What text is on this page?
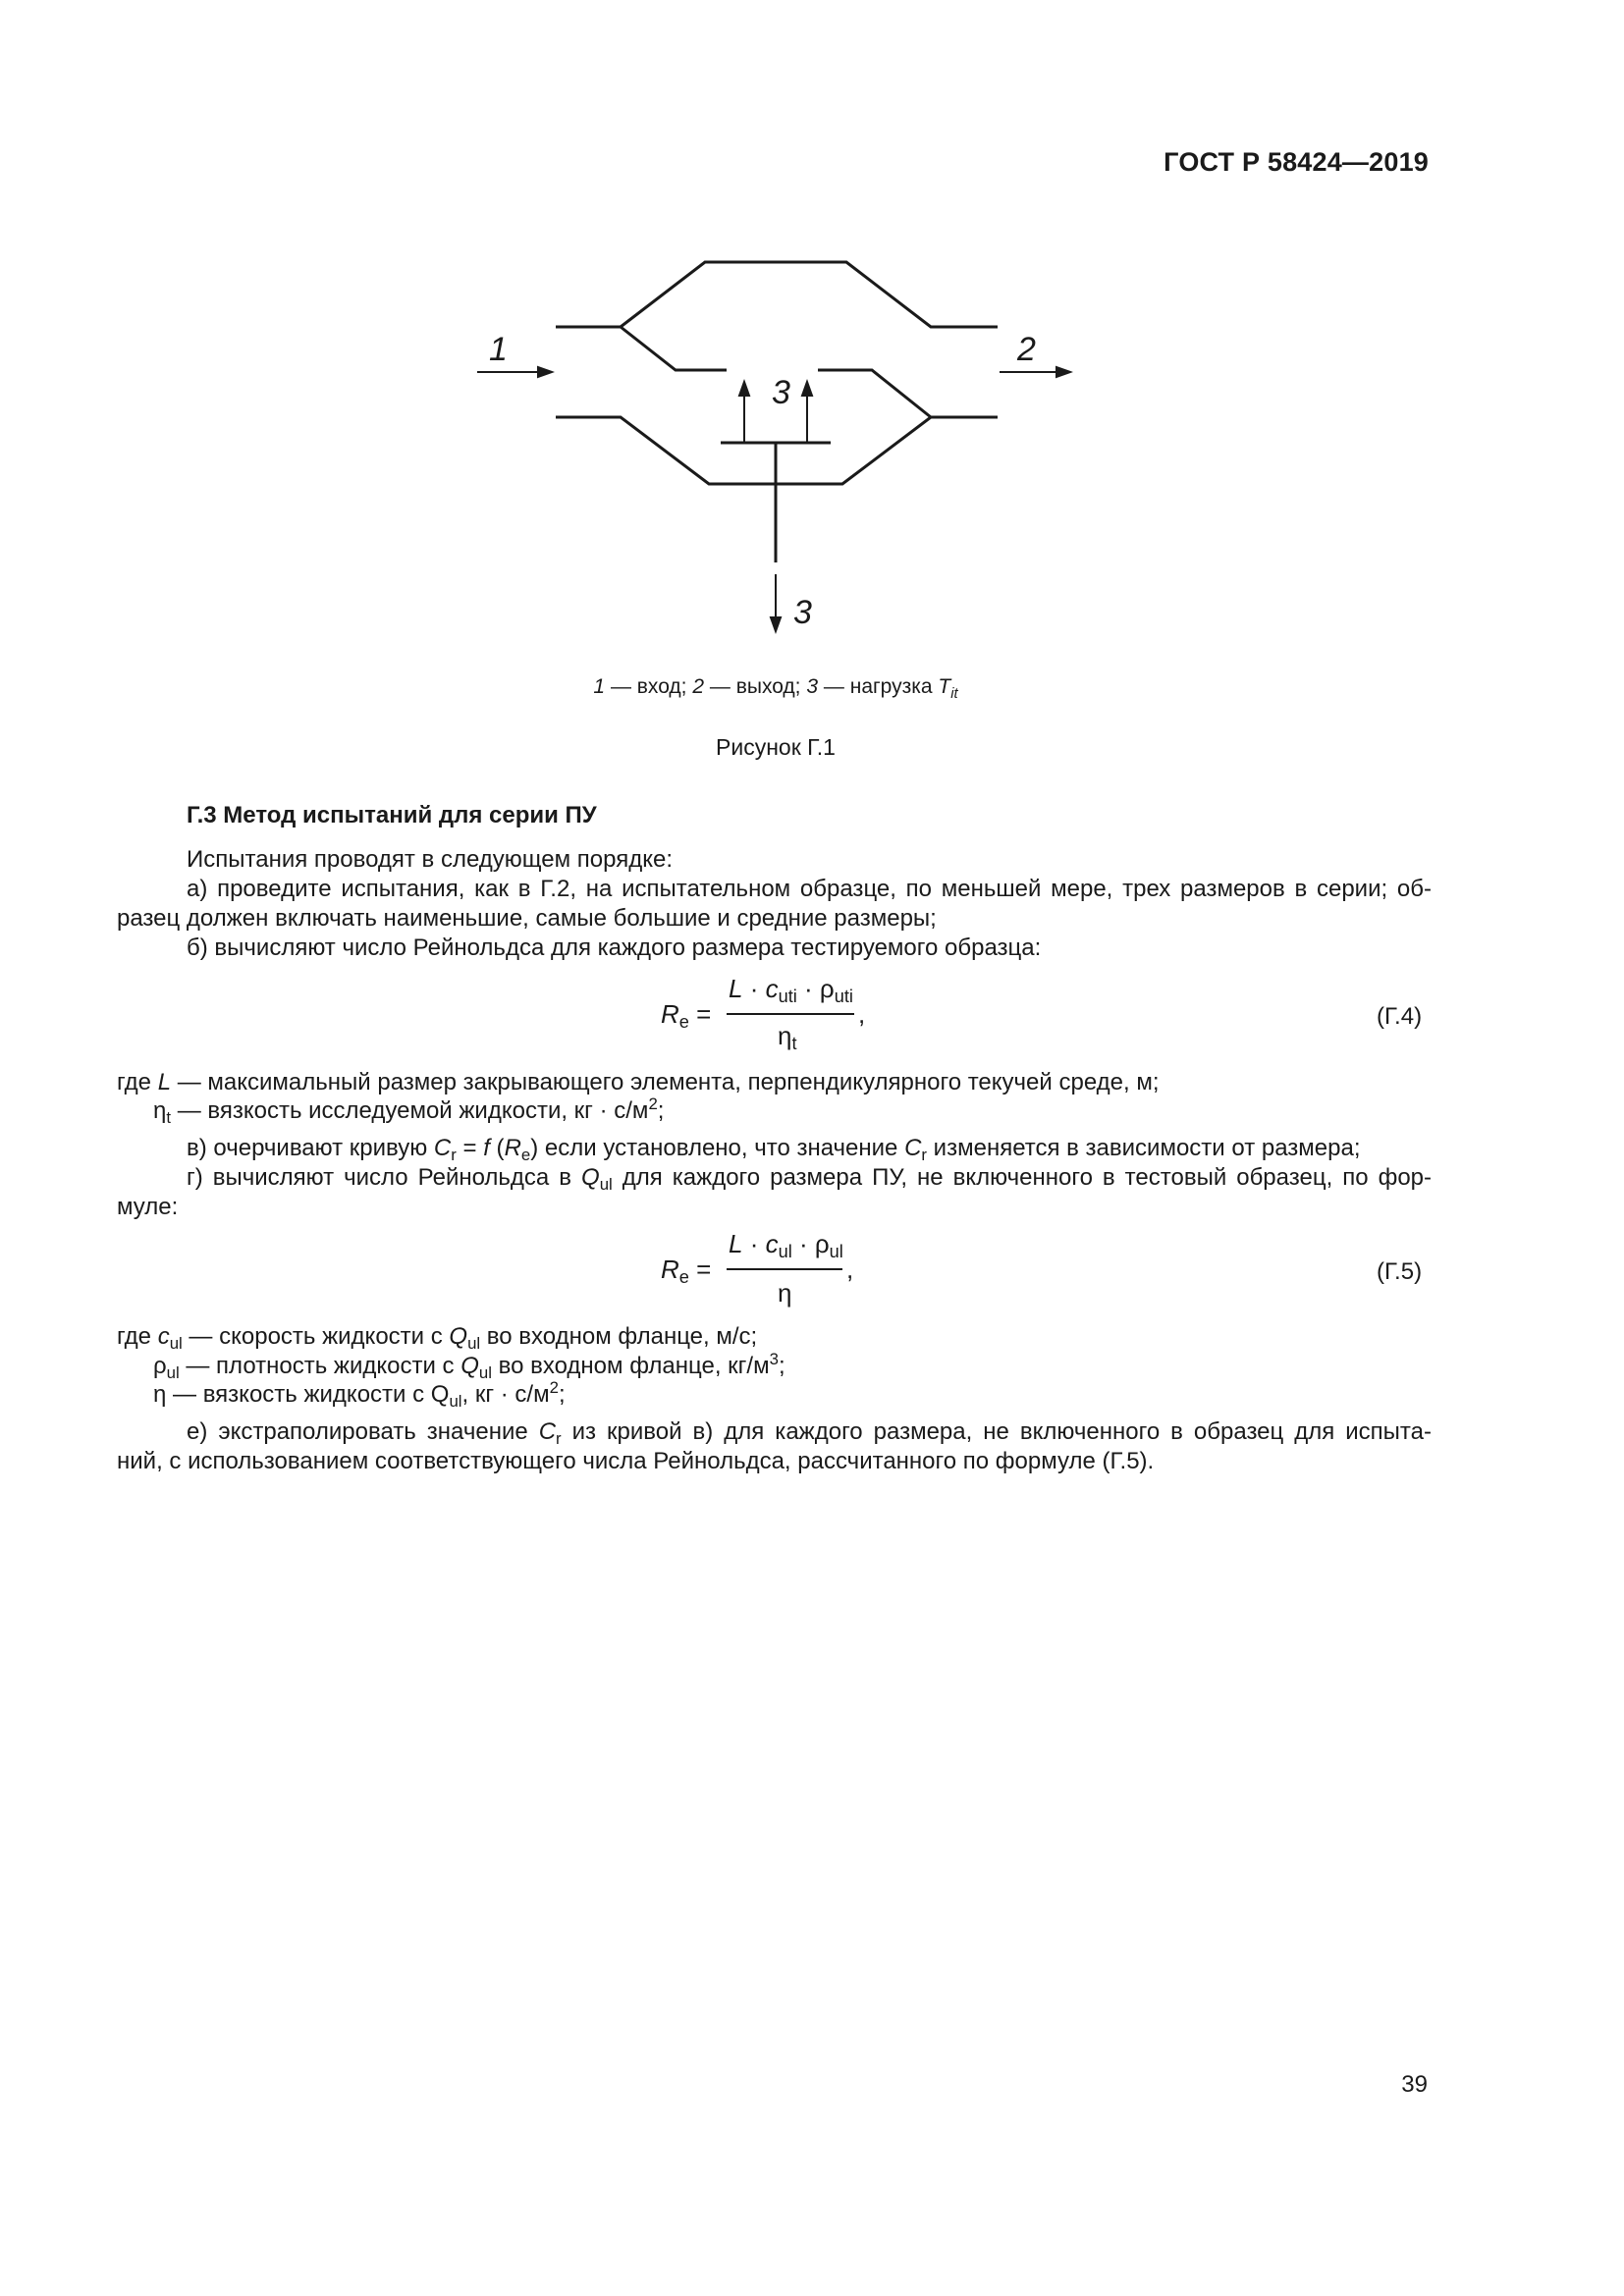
ГОСТ Р 58424—2019
1	2
3
3
1 — вход; 2 — выход; 3 — нагрузка $T_{it}$
Рисунок Г.1
Г.3 Метод испытаний для серии ПУ
Испытания проводят в следующем порядке:
а) проведите испытания, как в Г.2, на испытательном образце, по меньшей мере, трех размеров в серии; об-
разец должен включать наименьшие, самые большие и средние размеры;
б) вычисляют число Рейнольдса для каждого размера тестируемого образца:
$R_e$ =
$L \cdot c_{uti} \cdot \rho_{uti}$
$\eta_t$
,	(Г.4)
где L — максимальный размер закрывающего элемента, перпендикулярного текучей среде, м;
$\eta_t$ — вязкость исследуемой жидкости, кг · $с/м^2$;
в) очерчивают кривую $C_r = f$ $(R_e)$ если установлено, что значение $C_r$ изменяется в зависимости от размера;
г) вычисляют число Рейнольдса в $Q_{ul}$ для каждого размера ПУ, не включенного в тестовый образец, по фор-
муле:
$R_e$ =
$L \cdot c_{ul} \cdot \rho_{ul}$
η
,	(Г.5)
где $c_{ul}$ — скорость жидкости с $Q_{ul}$ во входном фланце, м/с;
$\rho_{ul}$ — плотность жидкости с $Q_{ul}$ во входном фланце, $кг/м^3$;
η — вязкость жидкости с $Q_{ul}$, кг · $с/м^2$;
е) экстраполировать значение $C_r$ из кривой в) для каждого размера, не включенного в образец для испыта-
ний, с использованием соответствующего числа Рейнольдса, рассчитанного по формуле (Г.5).
39
